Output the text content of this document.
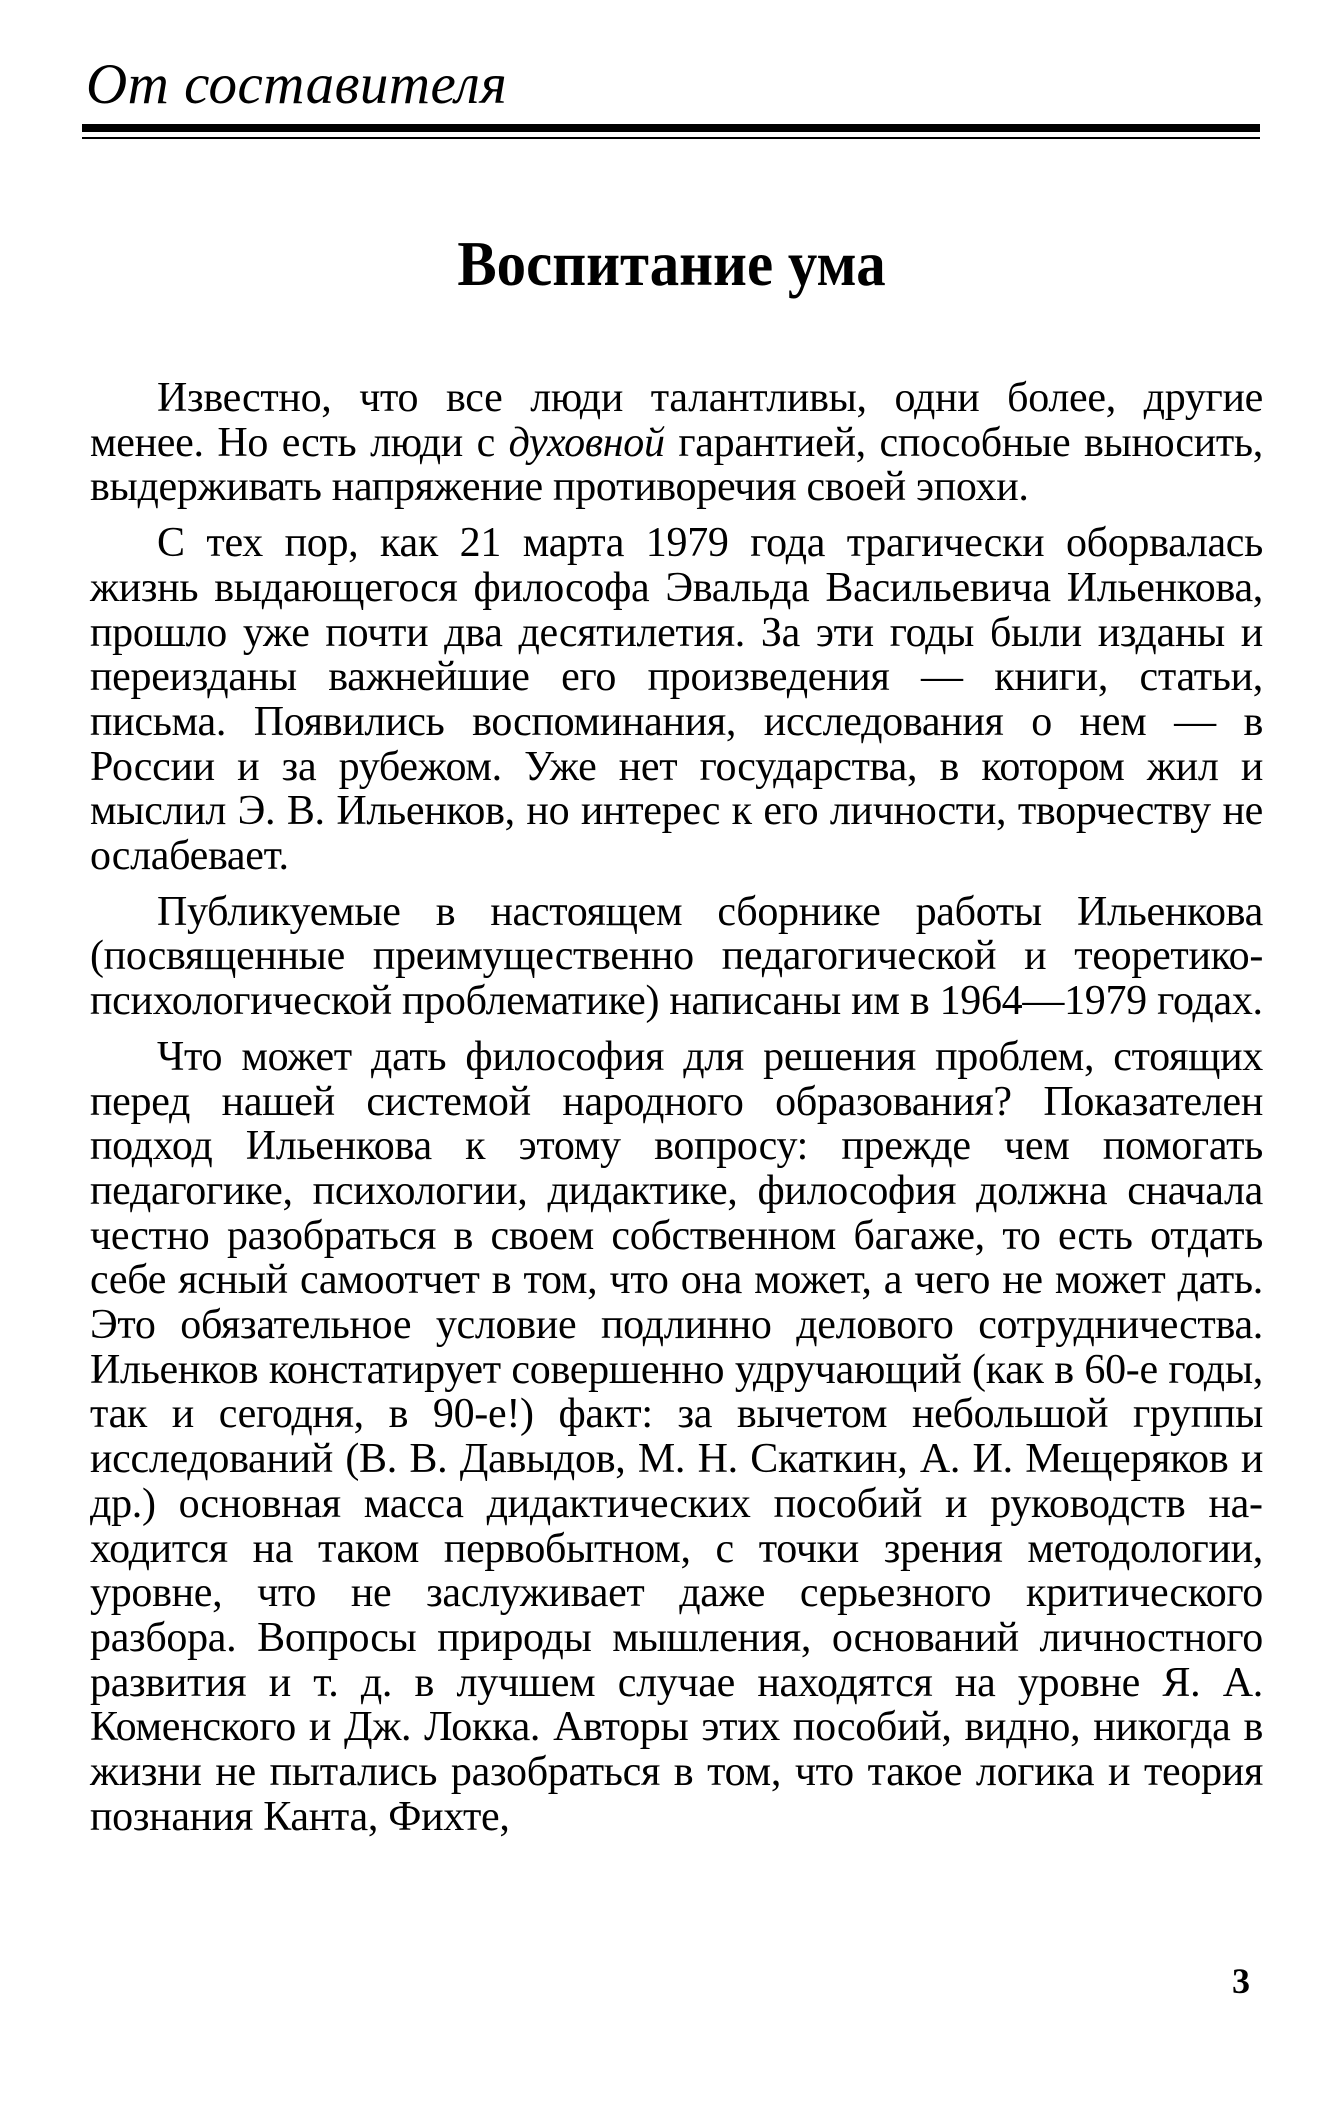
От составителя
Воспитание ума

Известно, что все люди талантливы, одни более, другие менее. Но есть люди с духовной гарантией, способные выносить, выдерживать напряжение противоречия своей эпохи.

С тех пор, как 21 марта 1979 года трагически оборвалась жизнь выдающегося философа Эвальда Васильевича Ильенкова, прошло уже почти два десятилетия. За эти годы были изданы и переизданы важнейшие его произведения — книги, статьи, письма. Появились воспоминания, исследования о нем — в России и за рубежом. Уже нет государства, в котором жил и мыслил Э. В. Ильенков, но интерес к его личности, творчеству не ослабевает.

Публикуемые в настоящем сборнике работы Ильенкова (посвященные преимущественно педагогической и теоретико-психологической проблематике) написаны им в 1964—1979 годах.

Что может дать философия для решения проблем, стоящих перед нашей системой народного образования? Показателен подход Ильенкова к этому вопросу: прежде чем помогать педагогике, психологии, дидактике, философия должна сначала честно разобраться в своем собственном багаже, то есть отдать себе ясный самоотчет в том, что она может, а чего не может дать. Это обязательное условие подлинно делового сотрудничества. Ильенков констатирует совершенно удручающий (как в 60-е годы, так и сегодня, в 90-е!) факт: за вычетом небольшой группы исследований (В. В. Давыдов, М. Н. Скаткин, А. И. Мещеряков и др.) основная масса дидактических пособий и руководств находится на таком первобытном, с точки зрения методологии, уровне, что не заслуживает даже серьезного критического разбора. Вопросы природы мышления, оснований личностного развития и т. д. в лучшем случае находятся на уровне Я. А. Коменского и Дж. Локка. Авторы этих пособий, видно, никогда в жизни не пытались разобраться в том, что такое логика и теория познания Канта, Фихте,

3
